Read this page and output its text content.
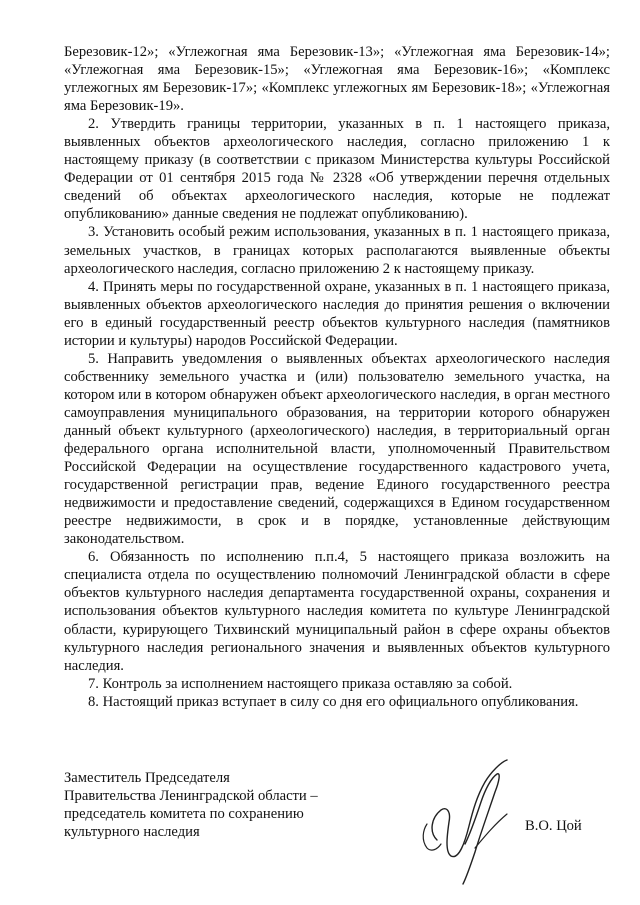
Березовик-12»; «Углежогная яма Березовик-13»; «Углежогная яма Березовик-14»; «Углежогная яма Березовик-15»; «Углежогная яма Березовик-16»; «Комплекс углежогных ям Березовик-17»; «Комплекс углежогных ям Березовик-18»; «Углежогная яма Березовик-19».

2. Утвердить границы территории, указанных в п. 1 настоящего приказа, выявленных объектов археологического наследия, согласно приложению 1 к настоящему приказу (в соответствии с приказом Министерства культуры Российской Федерации от 01 сентября 2015 года № 2328 «Об утверждении перечня отдельных сведений об объектах археологического наследия, которые не подлежат опубликованию» данные сведения не подлежат опубликованию).

3. Установить особый режим использования, указанных в п. 1 настоящего приказа, земельных участков, в границах которых располагаются выявленные объекты археологического наследия, согласно приложению 2 к настоящему приказу.

4. Принять меры по государственной охране, указанных в п. 1 настоящего приказа, выявленных объектов археологического наследия до принятия решения о включении его в единый государственный реестр объектов культурного наследия (памятников истории и культуры) народов Российской Федерации.

5. Направить уведомления о выявленных объектах археологического наследия собственнику земельного участка и (или) пользователю земельного участка, на котором или в котором обнаружен объект археологического наследия, в орган местного самоуправления муниципального образования, на территории которого обнаружен данный объект культурного (археологического) наследия, в территориальный орган федерального органа исполнительной власти, уполномоченный Правительством Российской Федерации на осуществление государственного кадастрового учета, государственной регистрации прав, ведение Единого государственного реестра недвижимости и предоставление сведений, содержащихся в Едином государственном реестре недвижимости, в срок и в порядке, установленные действующим законодательством.

6. Обязанность по исполнению п.п.4, 5 настоящего приказа возложить на специалиста отдела по осуществлению полномочий Ленинградской области в сфере объектов культурного наследия департамента государственной охраны, сохранения и использования объектов культурного наследия комитета по культуре Ленинградской области, курирующего Тихвинский муниципальный район в сфере охраны объектов культурного наследия регионального значения и выявленных объектов культурного наследия.

7. Контроль за исполнением настоящего приказа оставляю за собой.

8. Настоящий приказ вступает в силу со дня его официального опубликования.

Заместитель Председателя
Правительства Ленинградской области –
председатель комитета по сохранению
культурного наследия	В.О. Цой
